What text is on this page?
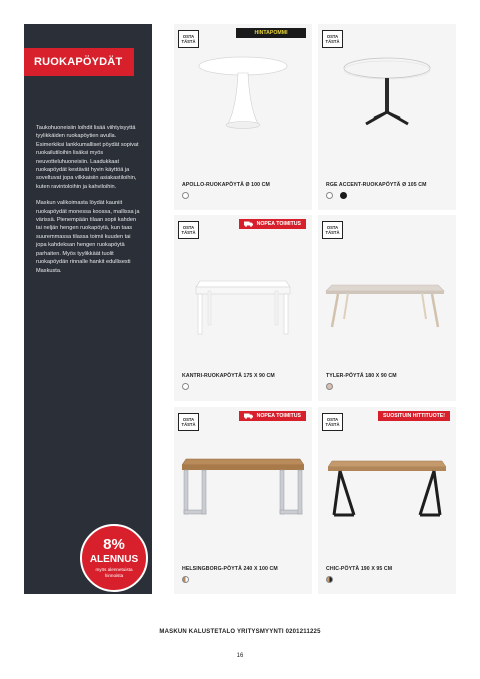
RUOKAPÖYDÄT

Taukohuoneisiin loihdit lisää viihtyisyyttä tyylikkäiden ruokapöytien avulla. Esimerkiksi lankkumalliset pöydät sopivat ruokailutiloihin lisäksi myös neuvotteluhuoneisiin. Laadukkaat ruokapöydät kestävät hyvin käyttöä ja soveltuvat jopa vilkkaisiin asiakastiloihin, kuten ravintoloihin ja kahviloihin.

Maskun valikoimasta löydät kauniit ruokapöydät monessa koossa, mallissa ja värissä. Pienempään tilaan sopii kahden tai neljän hengen ruokapöytä, kun taas suuremmassa tilassa toimii kuuden tai jopa kahdeksan hengen ruokapöytä parhaiten. Myös tyylikkäät tuolit ruokapöydän rinnalle hankit edullisesti Maskusta.

8%
ALENNUS
myös alennetuista hinnoista
OSTA
TÄSTÄ
HINTAPOMMI
APOLLO-RUOKAPÖYTÄ Ø 100 CM
OSTA
TÄSTÄ
RGE ACCENT-RUOKAPÖYTÄ Ø 105 CM

OSTA
TÄSTÄ
NOPEA TOIMITUS
KANTRI-RUOKAPÖYTÄ 175 X 90 CM
OSTA
TÄSTÄ
TYLER-PÖYTÄ 180 X 90 CM
OSTA
TÄSTÄ
NOPEA TOIMITUS
HELSINGBORG-PÖYTÄ 240 X 100 CM
OSTA
TÄSTÄ
SUOSITUIN HITTITUOTE!
CHIC-PÖYTÄ 190 X 95 CM
MASKUN KALUSTETALO YRITYSMYYNTI 0201211225
16
